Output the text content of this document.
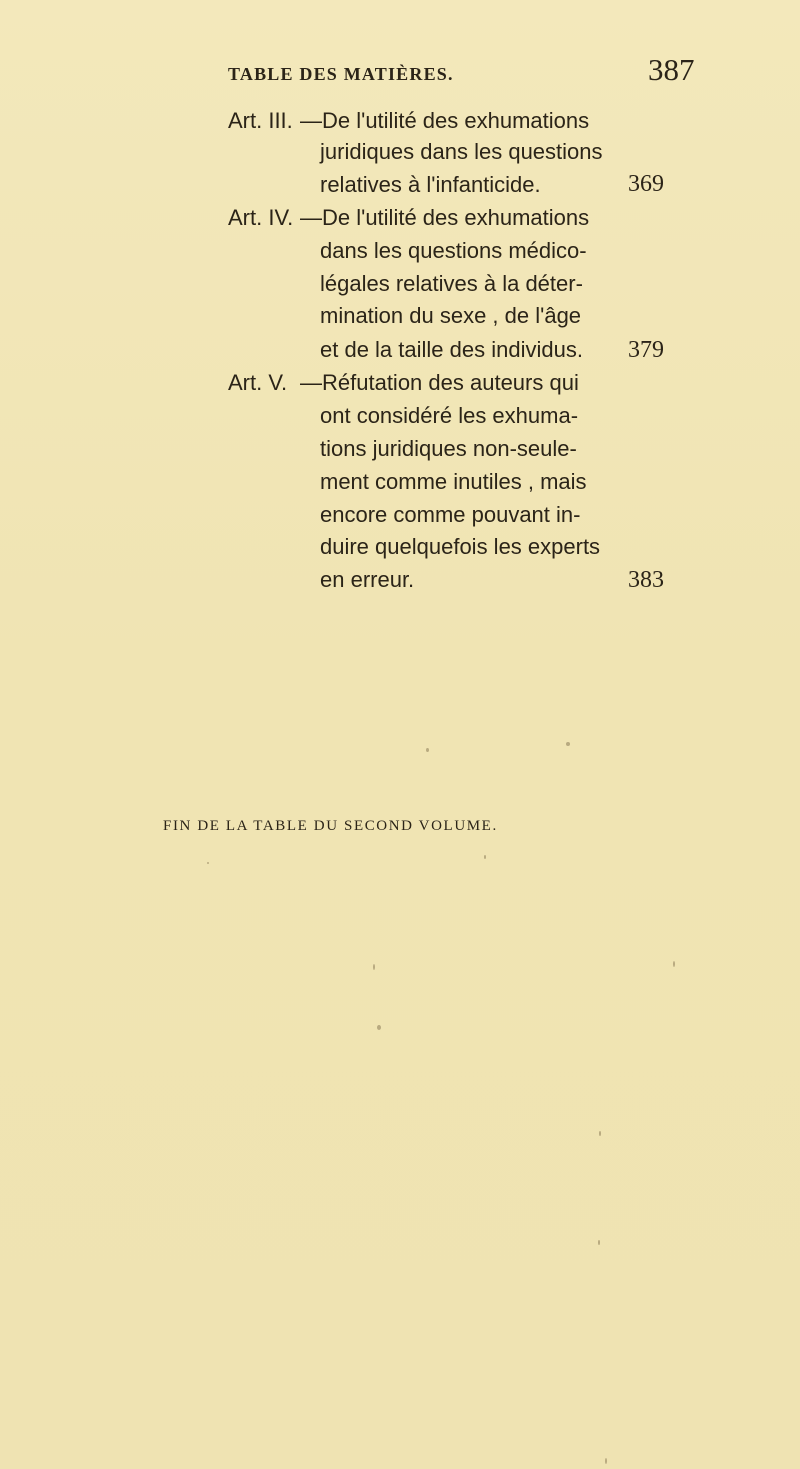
TABLE DES MATIÈRES.	387
Art. III. —De l'utilité des exhumations
juridiques dans les questions
relatives à l'infanticide.	369
Art. IV. —De l'utilité des exhumations
dans les questions médico-
légales relatives à la déter-
mination du sexe , de l'âge
et de la taille des individus. 379
Art. V. —Réfutation des auteurs qui
ont considéré les exhuma-
tions juridiques non-seule-
ment comme inutiles , mais
encore comme pouvant in-
duire quelquefois les experts
en erreur.	383
FIN DE LA TABLE DU SECOND VOLUME.
